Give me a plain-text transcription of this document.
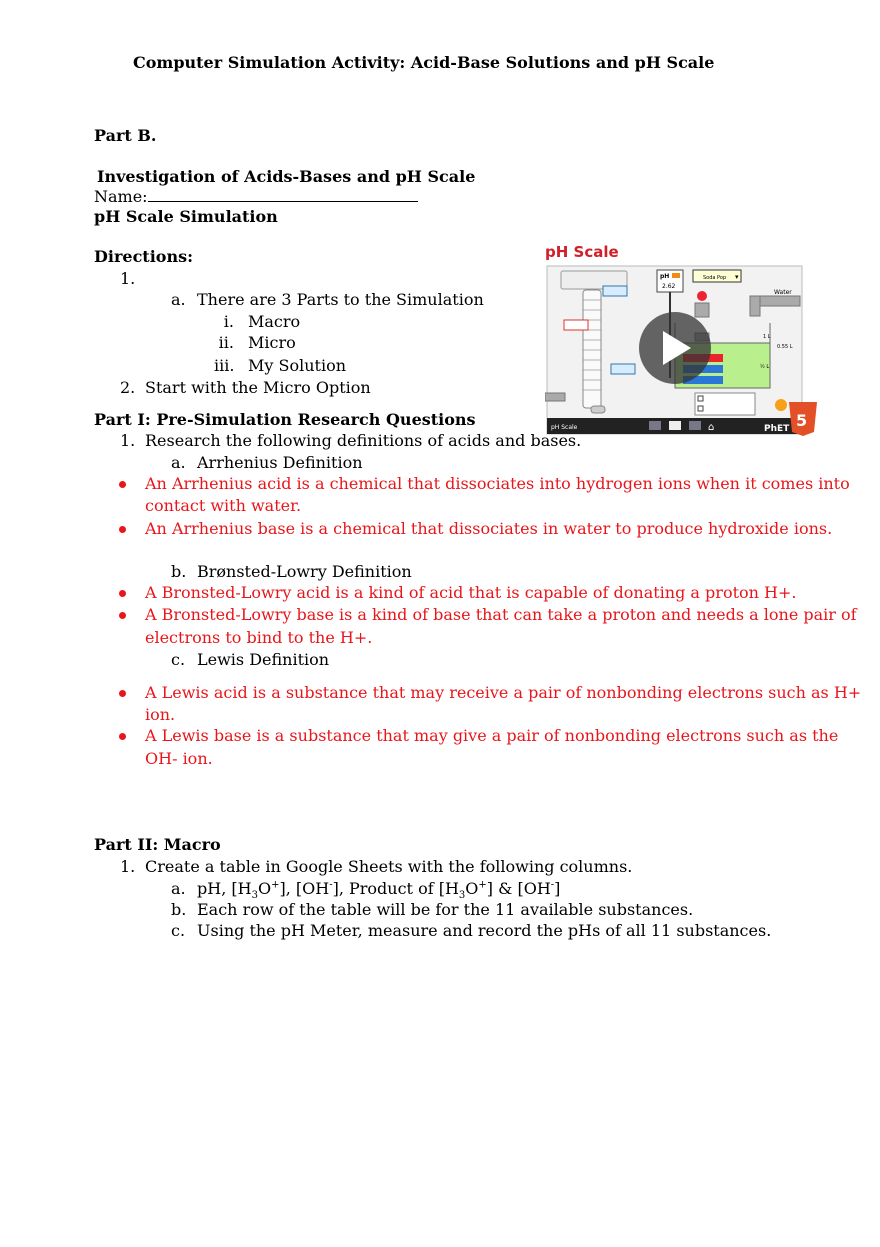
Computer Simulation Activity: Acid-Base Solutions and pH Scale
Part B.
Investigation of Acids-Bases and pH Scale
Name:
pH Scale Simulation
Directions:
1.
a. There are 3 Parts to the Simulation
i. Macro
ii. Micro
iii. My Solution
2. Start with the Micro Option
pH Scale
pH
2.62
Soda Pop ▾
Water
0.55 L
1 L
½ L
pH Scale	⌂	PhET 5
Part I: Pre-Simulation Research Questions
1. Research the following definitions of acids and bases.
a. Arrhenius Definition
An Arrhenius acid is a chemical that dissociates into hydrogen ions when it comes into
contact with water.
An Arrhenius base is a chemical that dissociates in water to produce hydroxide ions.
b. Brønsted-Lowry Definition
A Bronsted-Lowry acid is a kind of acid that is capable of donating a proton H+.
A Bronsted-Lowry base is a kind of base that can take a proton and needs a lone pair of
electrons to bind to the H+.
c. Lewis Definition
A Lewis acid is a substance that may receive a pair of nonbonding electrons such as H+
ion.
A Lewis base is a substance that may give a pair of nonbonding electrons such as the
OH- ion.
Part II: Macro
1. Create a table in Google Sheets with the following columns.
a. pH, $[H_3O^+]$, [OH-], Product of $[H_3O^+]$ & [OH-]
b. Each row of the table will be for the 11 available substances.
c. Using the pH Meter, measure and record the pHs of all 11 substances.
